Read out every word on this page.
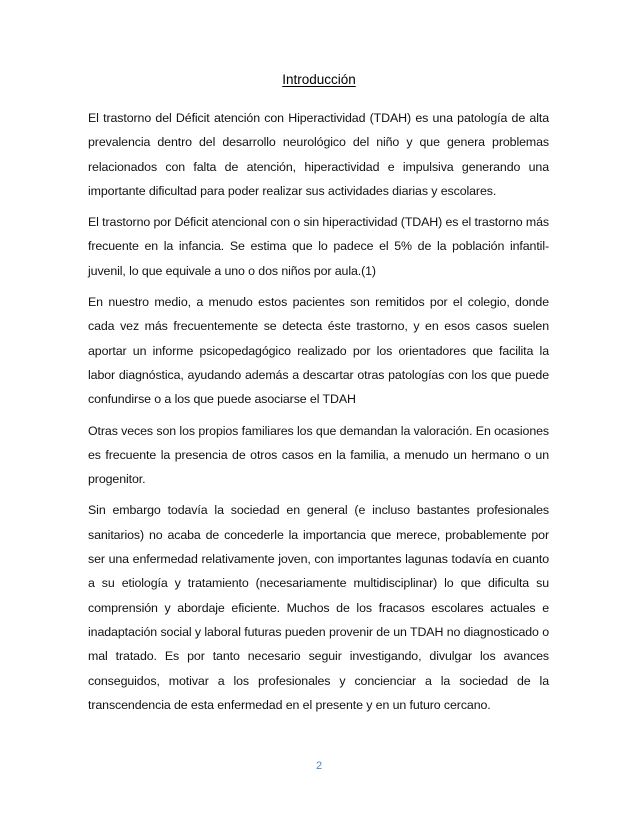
Introducción

El trastorno del Déficit atención con Hiperactividad (TDAH) es una patología de alta prevalencia dentro del desarrollo neurológico del niño y que genera problemas relacionados con falta de atención, hiperactividad e impulsiva generando una importante dificultad para poder realizar sus actividades diarias y escolares.

El trastorno por Déficit atencional con o sin hiperactividad (TDAH) es el trastorno más frecuente en la infancia. Se estima que lo padece el 5% de la población infantil-juvenil, lo que equivale a uno o dos niños por aula.(1)

En nuestro medio, a menudo estos pacientes son remitidos por el colegio, donde cada vez más frecuentemente se detecta éste trastorno, y en esos casos suelen aportar un informe psicopedagógico realizado por los orientadores que facilita la labor diagnóstica, ayudando además a descartar otras patologías con los que puede confundirse o a los que puede asociarse el TDAH

Otras veces son los propios familiares los que demandan la valoración. En ocasiones es frecuente la presencia de otros casos en la familia, a menudo un hermano o un progenitor.

Sin embargo todavía la sociedad en general (e incluso bastantes profesionales sanitarios) no acaba de concederle la importancia que merece, probablemente por ser una enfermedad relativamente joven, con importantes lagunas todavía en cuanto a su etiología y tratamiento (necesariamente multidisciplinar) lo que dificulta su comprensión y abordaje eficiente. Muchos de los fracasos escolares actuales e inadaptación social y laboral futuras pueden provenir de un TDAH no diagnosticado o mal tratado. Es por tanto necesario seguir investigando, divulgar los avances conseguidos, motivar a los profesionales y concienciar a la sociedad de la transcendencia de esta enfermedad en el presente y en un futuro cercano.

2
